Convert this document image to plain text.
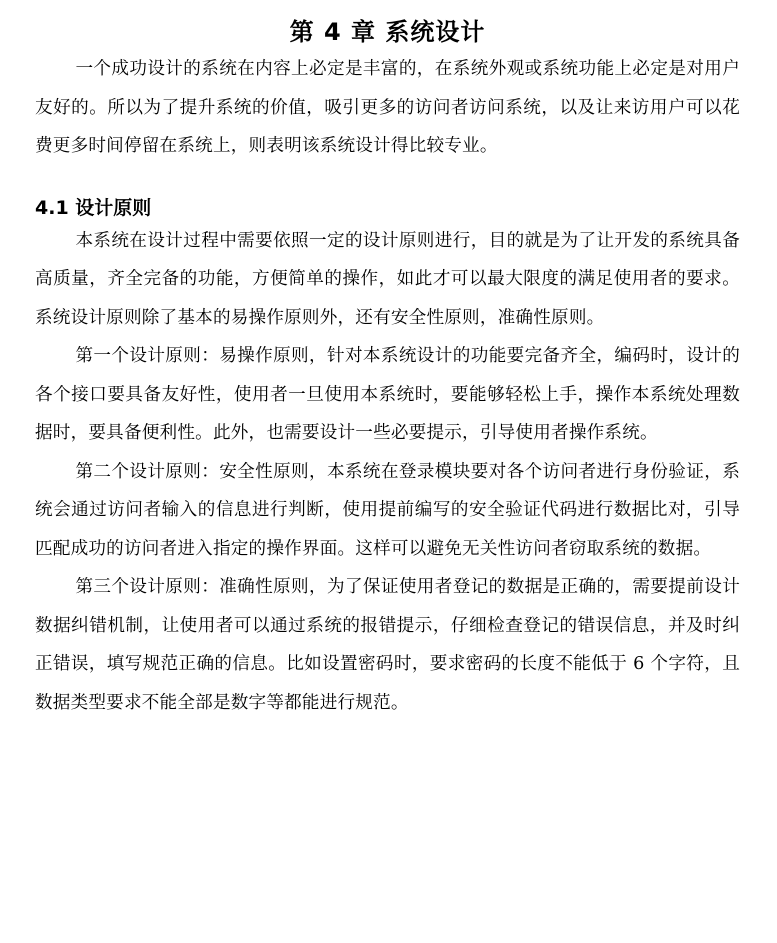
第 4 章 系统设计

一个成功设计的系统在内容上必定是丰富的，在系统外观或系统功能上必定是对用户友好的。所以为了提升系统的价值，吸引更多的访问者访问系统，以及让来访用户可以花费更多时间停留在系统上，则表明该系统设计得比较专业。

4.1 设计原则

本系统在设计过程中需要依照一定的设计原则进行，目的就是为了让开发的系统具备高质量，齐全完备的功能，方便简单的操作，如此才可以最大限度的满足使用者的要求。系统设计原则除了基本的易操作原则外，还有安全性原则，准确性原则。

第一个设计原则：易操作原则，针对本系统设计的功能要完备齐全，编码时，设计的各个接口要具备友好性，使用者一旦使用本系统时，要能够轻松上手，操作本系统处理数据时，要具备便利性。此外，也需要设计一些必要提示，引导使用者操作系统。

第二个设计原则：安全性原则，本系统在登录模块要对各个访问者进行身份验证，系统会通过访问者输入的信息进行判断，使用提前编写的安全验证代码进行数据比对，引导匹配成功的访问者进入指定的操作界面。这样可以避免无关性访问者窃取系统的数据。

第三个设计原则：准确性原则，为了保证使用者登记的数据是正确的，需要提前设计数据纠错机制，让使用者可以通过系统的报错提示，仔细检查登记的错误信息，并及时纠正错误，填写规范正确的信息。比如设置密码时，要求密码的长度不能低于 6 个字符，且数据类型要求不能全部是数字等都能进行规范。
